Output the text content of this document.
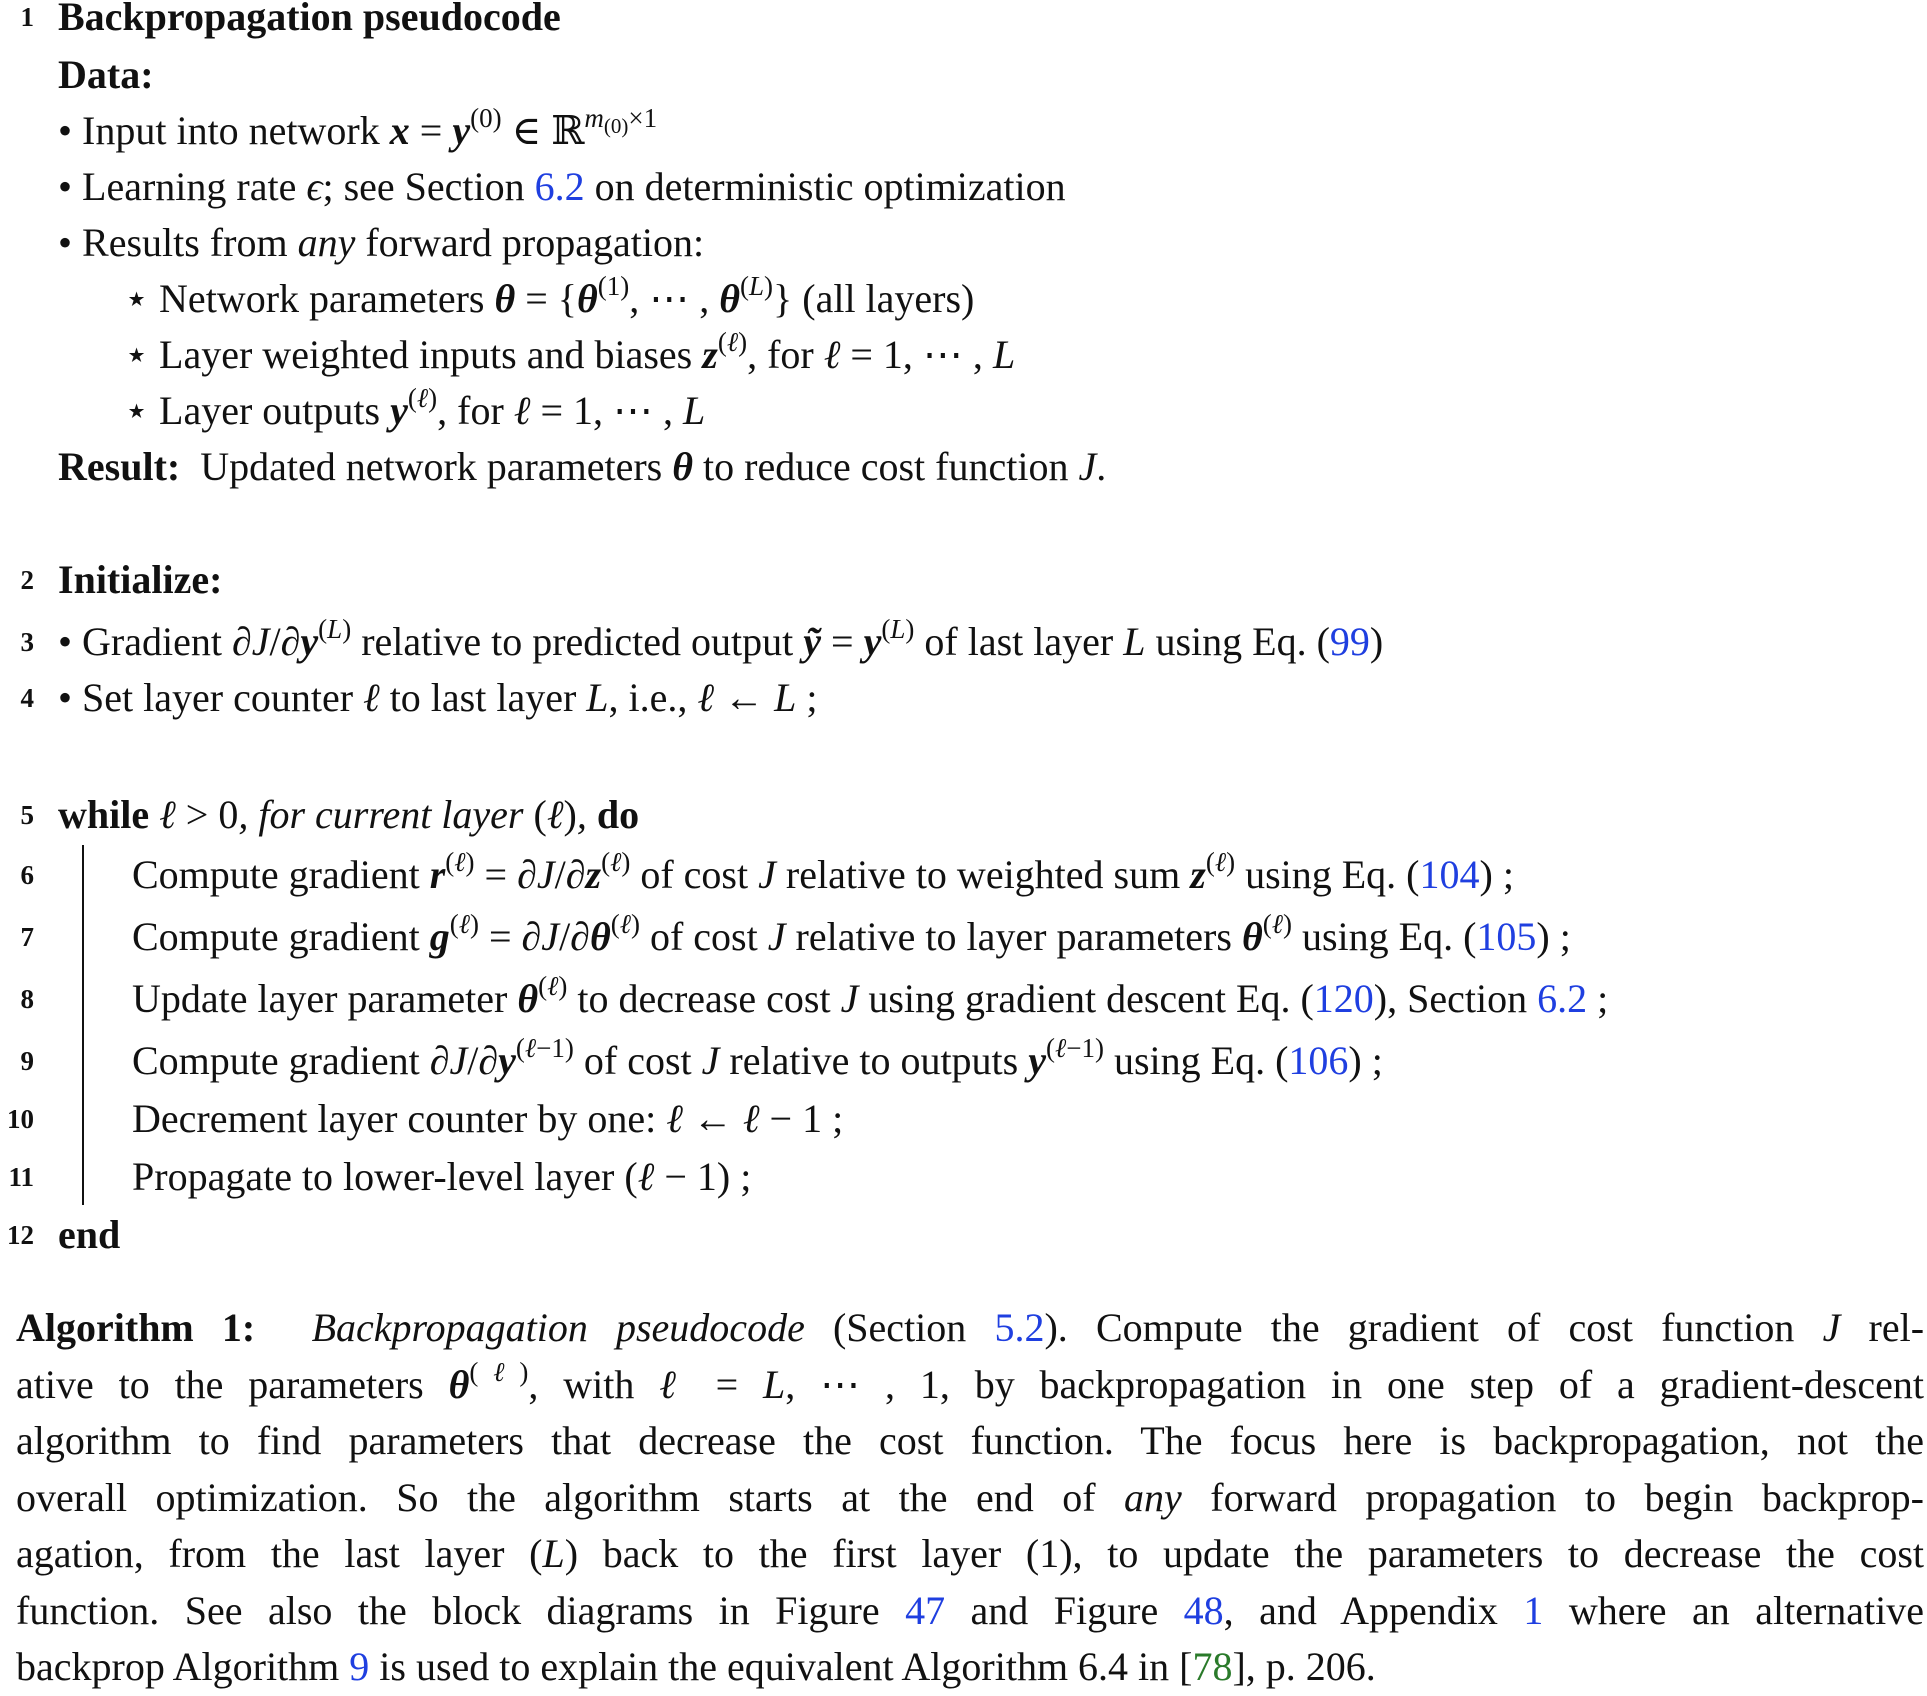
1 Backpropagation pseudocode
Data:
• Input into network $x = y^{(0)}$ ∈ ℝ$^{m_{(0)}\times 1}$
• Learning rate ϵ; see Section 6.2 on deterministic optimization
• Results from any forward propagation:
⋆ Network parameters $\theta = \{\theta^{(1)}$, ⋯ , $\theta^{(L)}$} (all layers)
⋆ Layer weighted inputs and biases $z^{(\ell)}$, for ℓ = 1, ⋯ , L
⋆ Layer outputs $y^{(\ell)}$, for ℓ = 1, ⋯ , L
Result: Updated network parameters θ to reduce cost function J.
2 Initialize:
3 • Gradient $\partial J/\partial y^{(L)}$ relative to predicted output ỹ = $y^{(L)}$ of last layer L using Eq. (99)
4 • Set layer counter ℓ to last layer L, i.e., ℓ ← L ;
5 while ℓ > 0, for current layer (ℓ), do
6 Compute gradient $r^{(\ell)} = \partial J/\partial z^{(\ell)}$ of cost J relative to weighted sum $z^{(\ell)}$ using Eq. (104) ;
7 Compute gradient $g^{(\ell)} = \partial J/\partial\theta^{(\ell)}$ of cost J relative to layer parameters $\theta^{(\ell)}$ using Eq. (105) ;
8 Update layer parameter $\theta^{(\ell)}$ to decrease cost J using gradient descent Eq. (120), Section 6.2 ;
9 Compute gradient $\partial J/\partial y^{(\ell-1)}$ of cost J relative to outputs $y^{(\ell-1)}$ using Eq. (106) ;
10 Decrement layer counter by one: ℓ ← ℓ − 1 ;
11 Propagate to lower-level layer (ℓ − 1) ;
12 end
Algorithm 1: Backpropagation pseudocode (Section 5.2). Compute the gradient of cost function J rel-
ative to the parameters $\theta^{(\ell)}$, with ℓ = L, ⋯ , 1, by backpropagation in one step of a gradient-descent
algorithm to find parameters that decrease the cost function. The focus here is backpropagation, not the
overall optimization. So the algorithm starts at the end of any forward propagation to begin backprop-
agation, from the last layer (L) back to the first layer (1), to update the parameters to decrease the cost
function. See also the block diagrams in Figure 47 and Figure 48, and Appendix 1 where an alternative
backprop Algorithm 9 is used to explain the equivalent Algorithm 6.4 in [78], p. 206.
